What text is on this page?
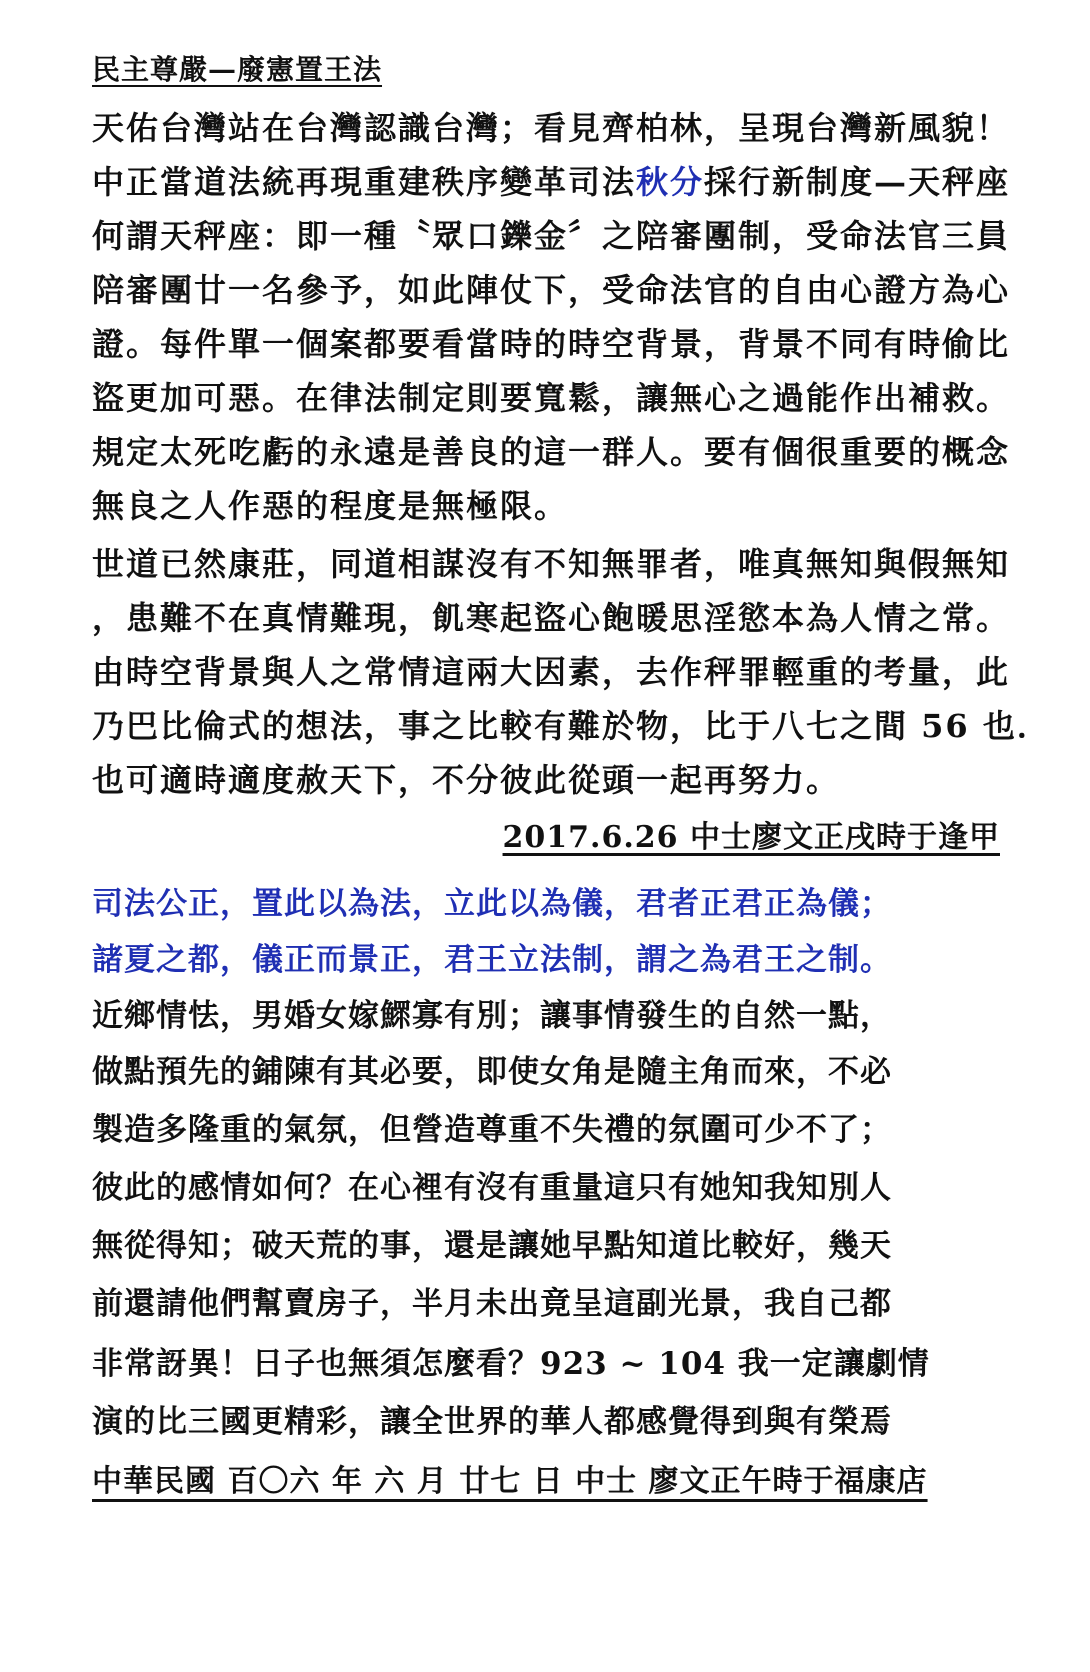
民主尊嚴—廢憲置王法
天佑台灣站在台灣認識台灣；看見齊柏林，呈現台灣新風貌！
中正當道法統再現重建秩序變革司法秋分採行新制度—天秤座
何謂天秤座：即一種〝眾口鑠金〞之陪審團制，受命法官三員
陪審團廿一名參予，如此陣仗下，受命法官的自由心證方為心
證。每件單一個案都要看當時的時空背景，背景不同有時偷比
盜更加可惡。在律法制定則要寬鬆，讓無心之過能作出補救。
規定太死吃虧的永遠是善良的這一群人。要有個很重要的概念
無良之人作惡的程度是無極限。
世道已然康莊，同道相謀沒有不知無罪者，唯真無知與假無知
，患難不在真情難現，飢寒起盜心飽暖思淫慾本為人情之常。
由時空背景與人之常情這兩大因素，去作秤罪輕重的考量，此
乃巴比倫式的想法，事之比較有難於物，比于八七之間 56 也．
也可適時適度赦天下，不分彼此從頭一起再努力。
2017.6.26 中士廖文正戌時于逢甲
司法公正，置此以為法，立此以為儀，君者正君正為儀；
諸夏之都，儀正而景正，君王立法制，謂之為君王之制。
近鄉情怯，男婚女嫁鰥寡有別；讓事情發生的自然一點，
做點預先的鋪陳有其必要，即使女角是隨主角而來，不必
製造多隆重的氣氛，但營造尊重不失禮的氛圍可少不了；
彼此的感情如何？在心裡有沒有重量這只有她知我知別人
無從得知；破天荒的事，還是讓她早點知道比較好，幾天
前還請他們幫賣房子，半月未出竟呈這副光景，我自己都
非常訝異！日子也無須怎麼看？923 ~ 104 我一定讓劇情
演的比三國更精彩，讓全世界的華人都感覺得到與有榮焉
中華民國 百〇六 年 六 月 廿七 日 中士 廖文正午時于福康店
